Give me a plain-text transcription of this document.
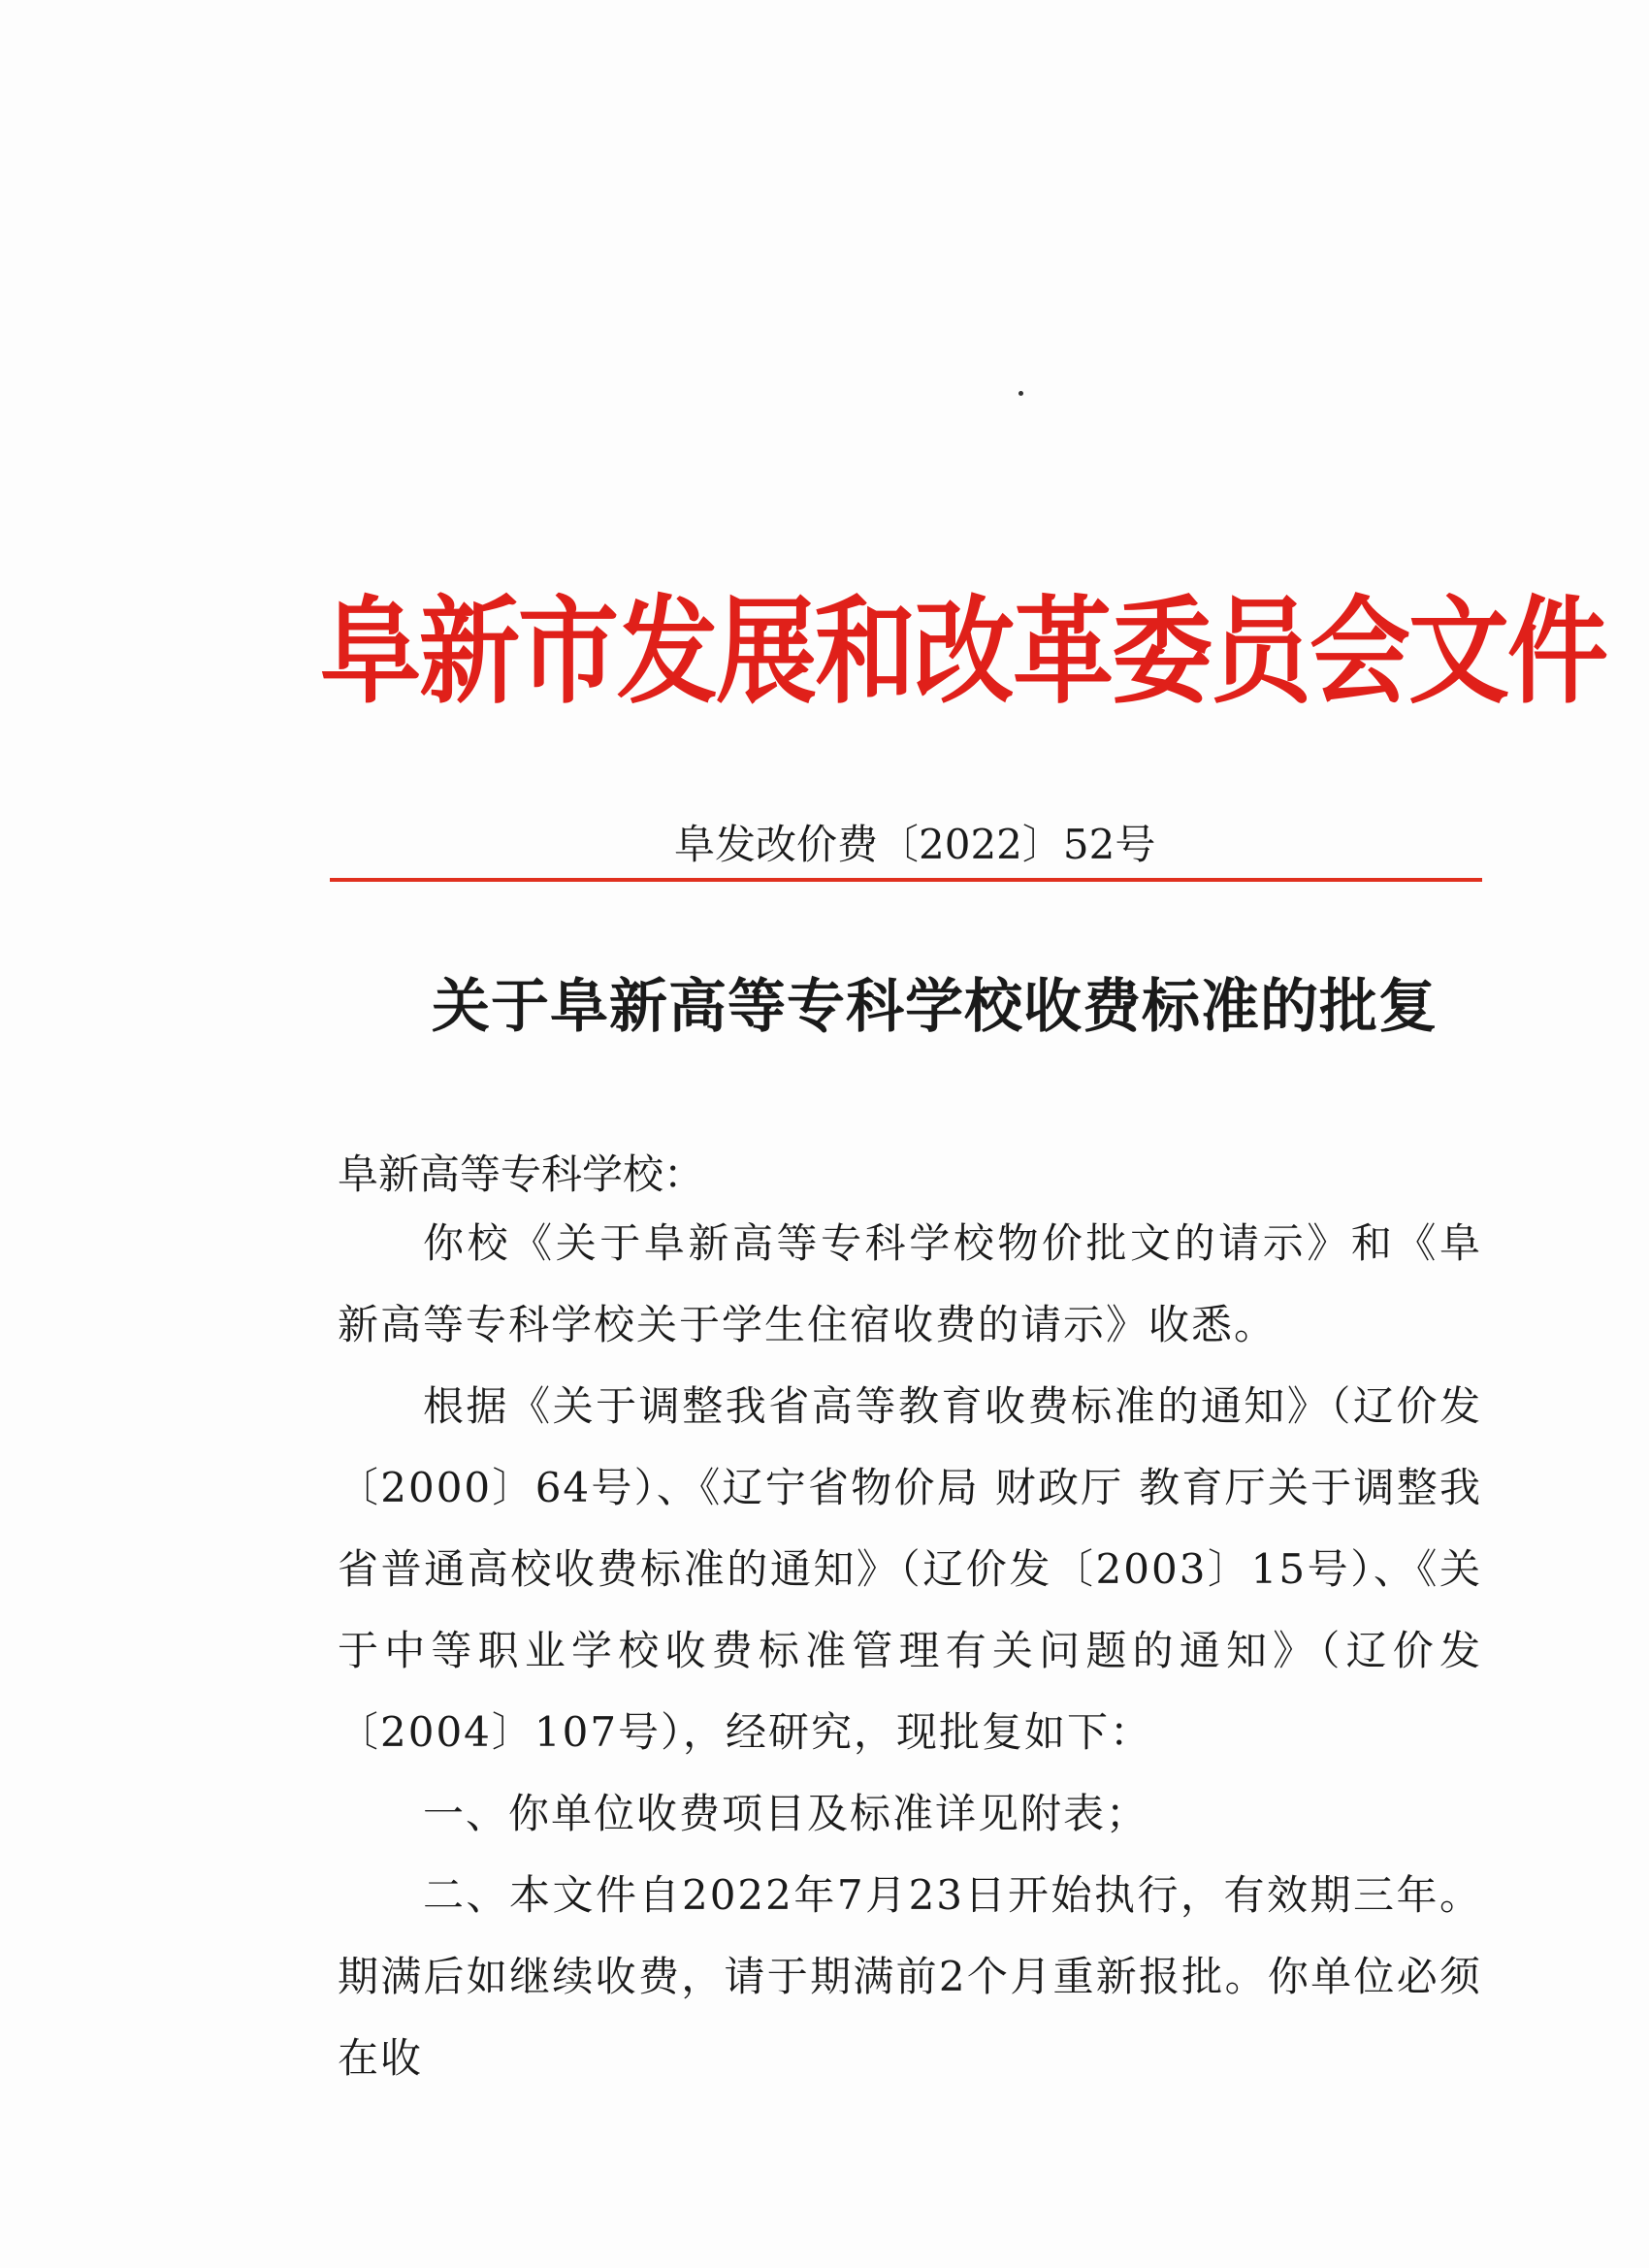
阜新市发展和改革委员会文件
阜发改价费〔2022〕52号
关于阜新高等专科学校收费标准的批复
阜新高等专科学校：

你校《关于阜新高等专科学校物价批文的请示》和《阜新高等专科学校关于学生住宿收费的请示》收悉。

根据《关于调整我省高等教育收费标准的通知》（辽价发〔2000〕64号）、《辽宁省物价局 财政厅 教育厅关于调整我省普通高校收费标准的通知》（辽价发〔2003〕15号）、《关于中等职业学校收费标准管理有关问题的通知》（辽价发〔2004〕107号），经研究，现批复如下：

一、你单位收费项目及标准详见附表；

二、本文件自2022年7月23日开始执行，有效期三年。期满后如继续收费，请于期满前2个月重新报批。你单位必须在收
